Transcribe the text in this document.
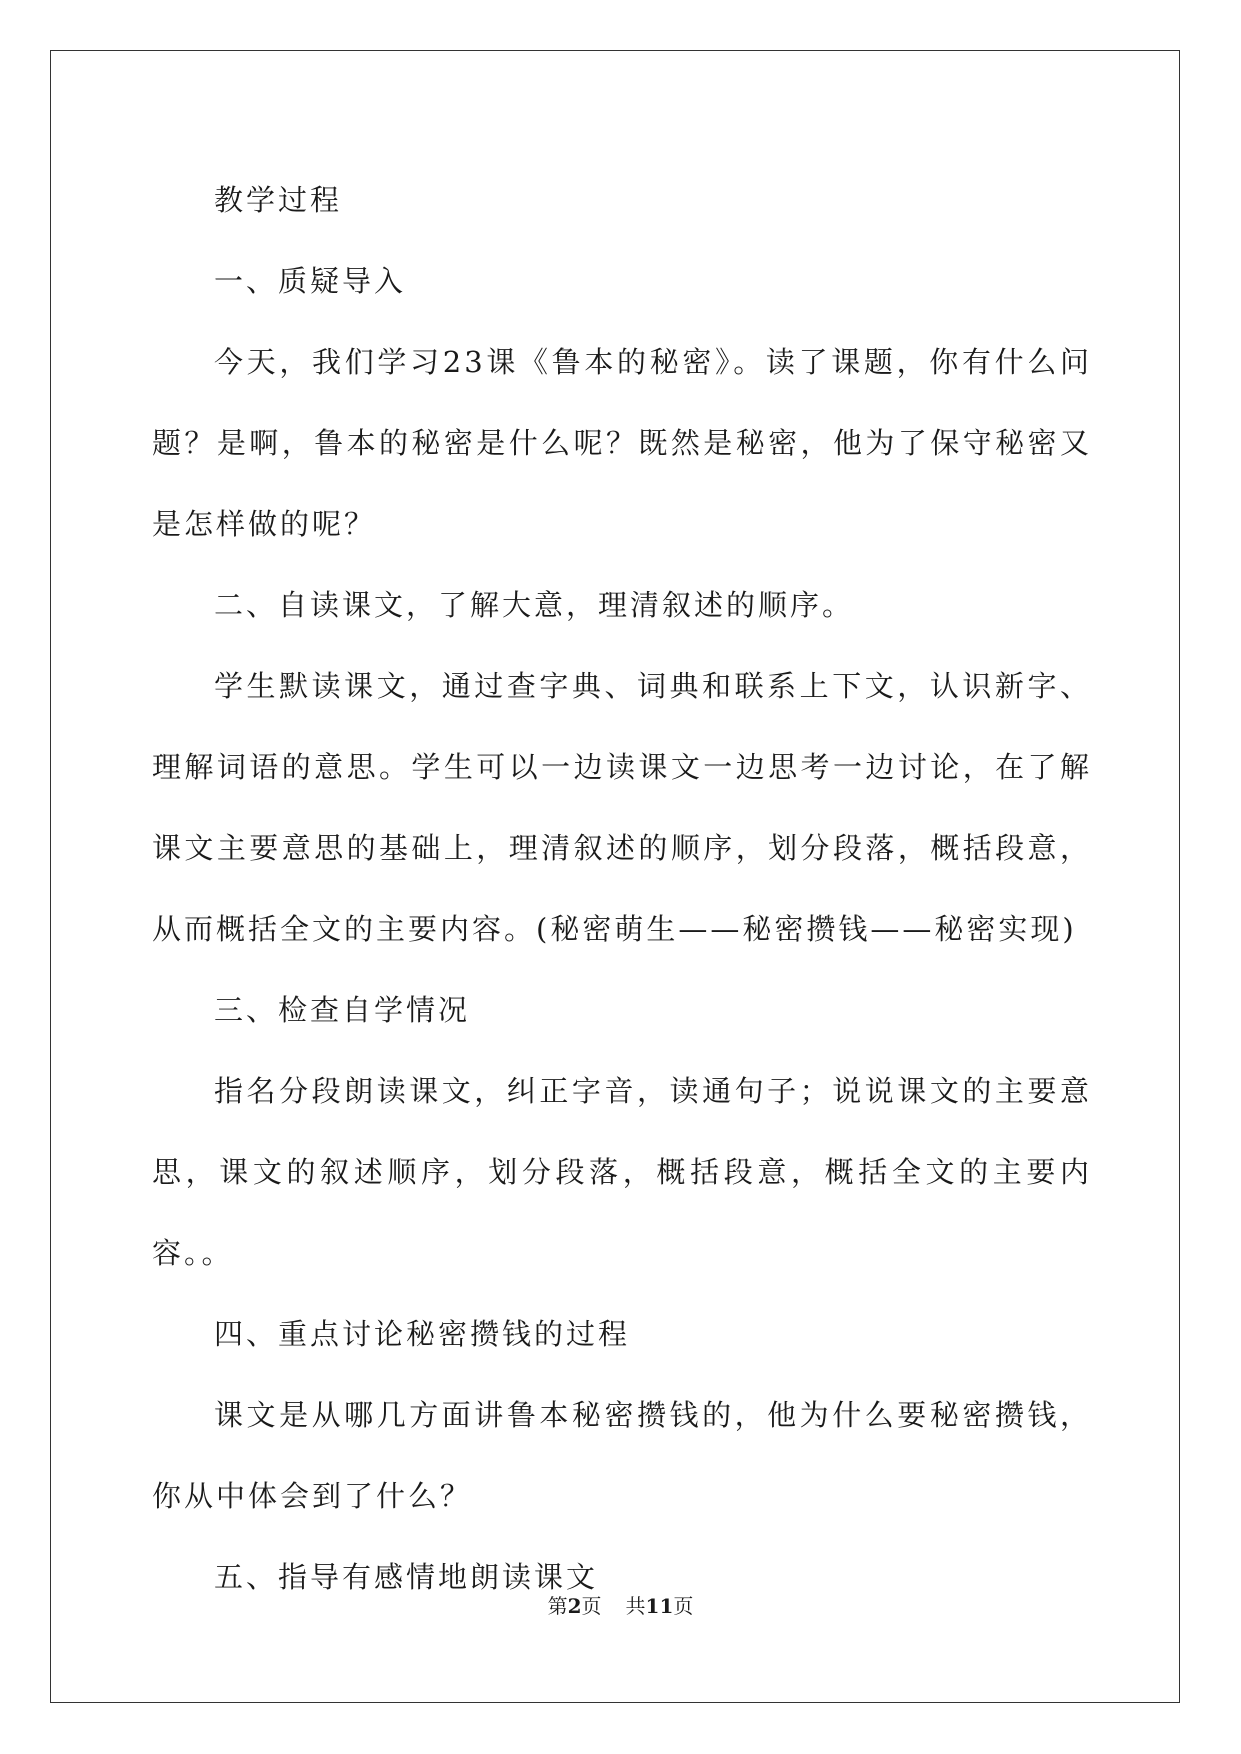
教学过程

一、质疑导入

今天，我们学习23课《鲁本的秘密》。读了课题，你有什么问题？是啊，鲁本的秘密是什么呢？既然是秘密，他为了保守秘密又是怎样做的呢？

二、自读课文，了解大意，理清叙述的顺序。

学生默读课文，通过查字典、词典和联系上下文，认识新字、理解词语的意思。学生可以一边读课文一边思考一边讨论，在了解课文主要意思的基础上，理清叙述的顺序，划分段落，概括段意，从而概括全文的主要内容。(秘密萌生——秘密攒钱——秘密实现)

三、检查自学情况

指名分段朗读课文，纠正字音，读通句子；说说课文的主要意思，课文的叙述顺序，划分段落，概括段意，概括全文的主要内容。。

四、重点讨论秘密攒钱的过程

课文是从哪几方面讲鲁本秘密攒钱的，他为什么要秘密攒钱，你从中体会到了什么？

五、指导有感情地朗读课文

第2页 共11页
